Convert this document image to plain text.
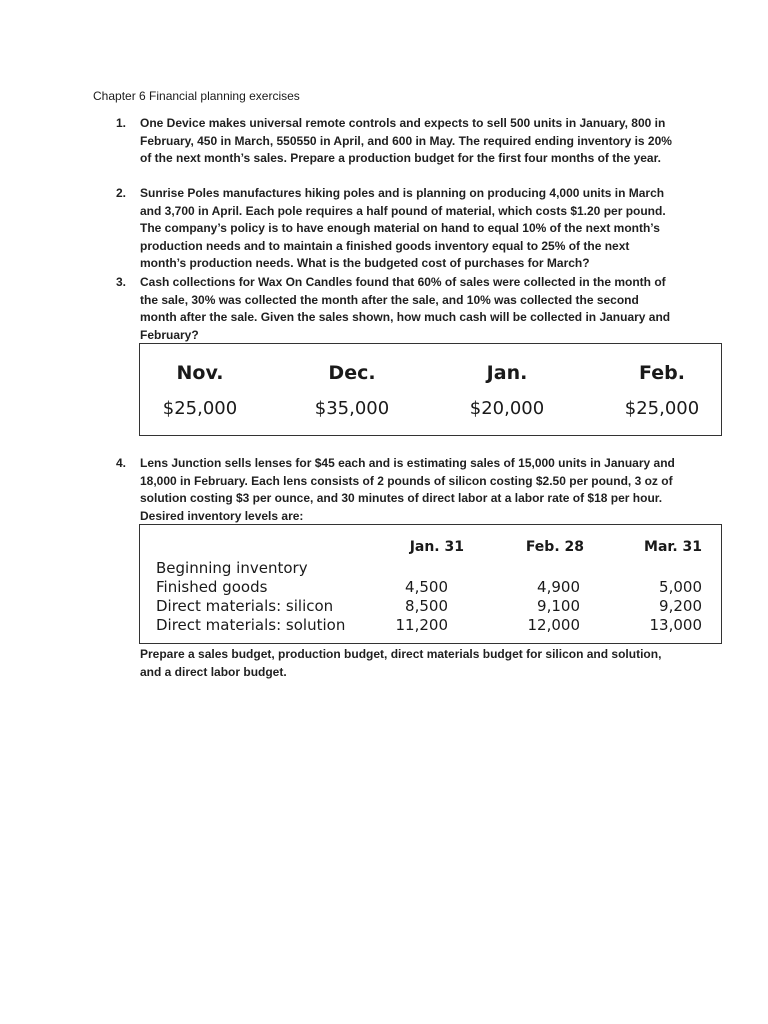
Chapter 6 Financial planning exercises
1.	One Device makes universal remote controls and expects to sell 500 units in January, 800 in February, 450 in March, 550550 in April, and 600 in May. The required ending inventory is 20% of the next month’s sales. Prepare a production budget for the first four months of the year.
2.	Sunrise Poles manufactures hiking poles and is planning on producing 4,000 units in March and 3,700 in April. Each pole requires a half pound of material, which costs $1.20 per pound. The company’s policy is to have enough material on hand to equal 10% of the next month’s production needs and to maintain a finished goods inventory equal to 25% of the next month’s production needs. What is the budgeted cost of purchases for March?
3.	Cash collections for Wax On Candles found that 60% of sales were collected in the month of the sale, 30% was collected the month after the sale, and 10% was collected the second month after the sale. Given the sales shown, how much cash will be collected in January and February?
Nov.	Dec.	Jan.	Feb.
$25,000	$35,000	$20,000	$25,000
4.	Lens Junction sells lenses for $45 each and is estimating sales of 15,000 units in January and 18,000 in February. Each lens consists of 2 pounds of silicon costing $2.50 per pound, 3 oz of solution costing $3 per ounce, and 30 minutes of direct labor at a labor rate of $18 per hour. Desired inventory levels are:
Jan. 31	Feb. 28	Mar. 31
Beginning inventory
Finished goods	4,500	4,900	5,000
Direct materials: silicon	8,500	9,100	9,200
Direct materials: solution	11,200	12,000	13,000
Prepare a sales budget, production budget, direct materials budget for silicon and solution, and a direct labor budget.
